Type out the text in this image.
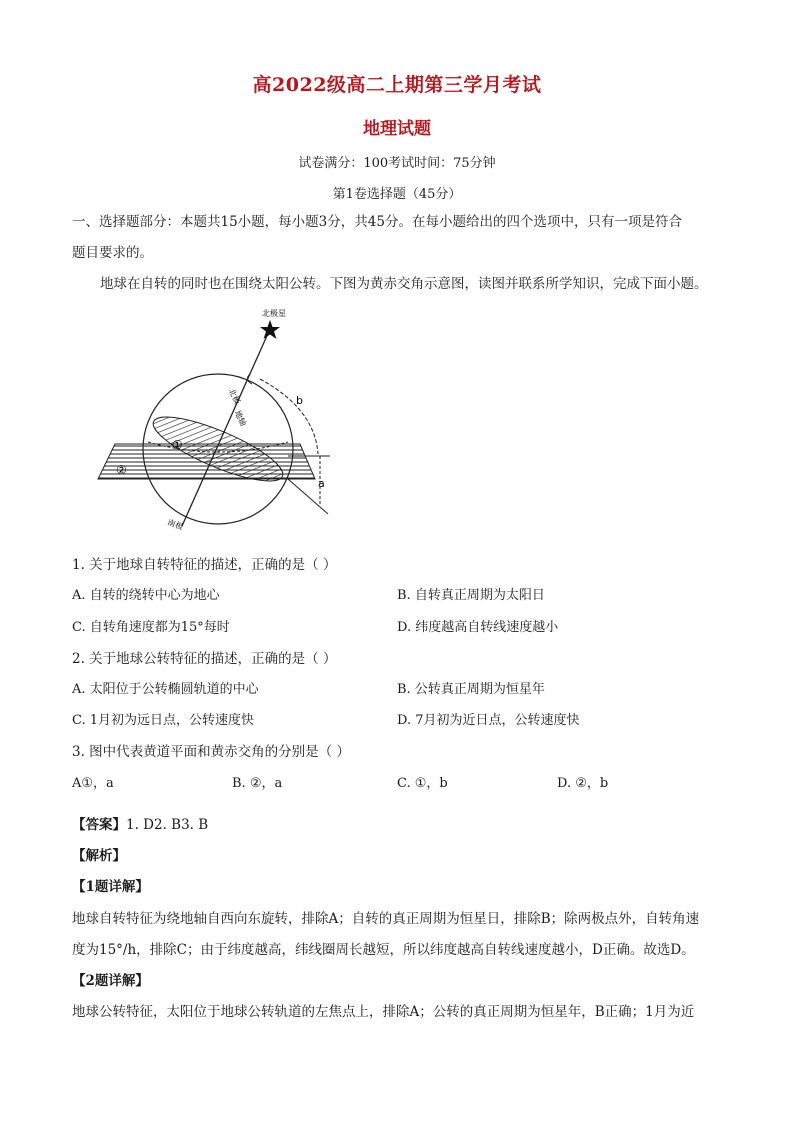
高2022级高二上期第三学月考试
地理试题
试卷满分：100考试时间：75分钟
第1卷选择题（45分）
一、选择题部分：本题共15小题，每小题3分，共45分。在每小题给出的四个选项中，只有一项是符合
题目要求的。
地球在自转的同时也在围绕太阳公转。下图为黄赤交角示意图，读图并联系所学知识，完成下面小题。
北极星
北极
地轴
南极
b
a
①
②
1. 关于地球自转特征的描述，正确的是（ ）
A. 自转的绕转中心为地心	B. 自转真正周期为太阳日
C. 自转角速度都为15°每时	D. 纬度越高自转线速度越小
2. 关于地球公转特征的描述，正确的是（ ）
A. 太阳位于公转椭圆轨道的中心	B. 公转真正周期为恒星年
C. 1月初为远日点，公转速度快	D. 7月初为近日点，公转速度快
3. 图中代表黄道平面和黄赤交角的分别是（ ）
A①，a	B. ②，a	C. ①，b	D. ②，b
【答案】1. D2. B3. B
【解析】
【1题详解】
地球自转特征为绕地轴自西向东旋转，排除A；自转的真正周期为恒星日，排除B；除两极点外，自转角速
度为15°/h，排除C；由于纬度越高，纬线圈周长越短，所以纬度越高自转线速度越小，D正确。故选D。
【2题详解】
地球公转特征，太阳位于地球公转轨道的左焦点上，排除A；公转的真正周期为恒星年，B正确；1月为近
